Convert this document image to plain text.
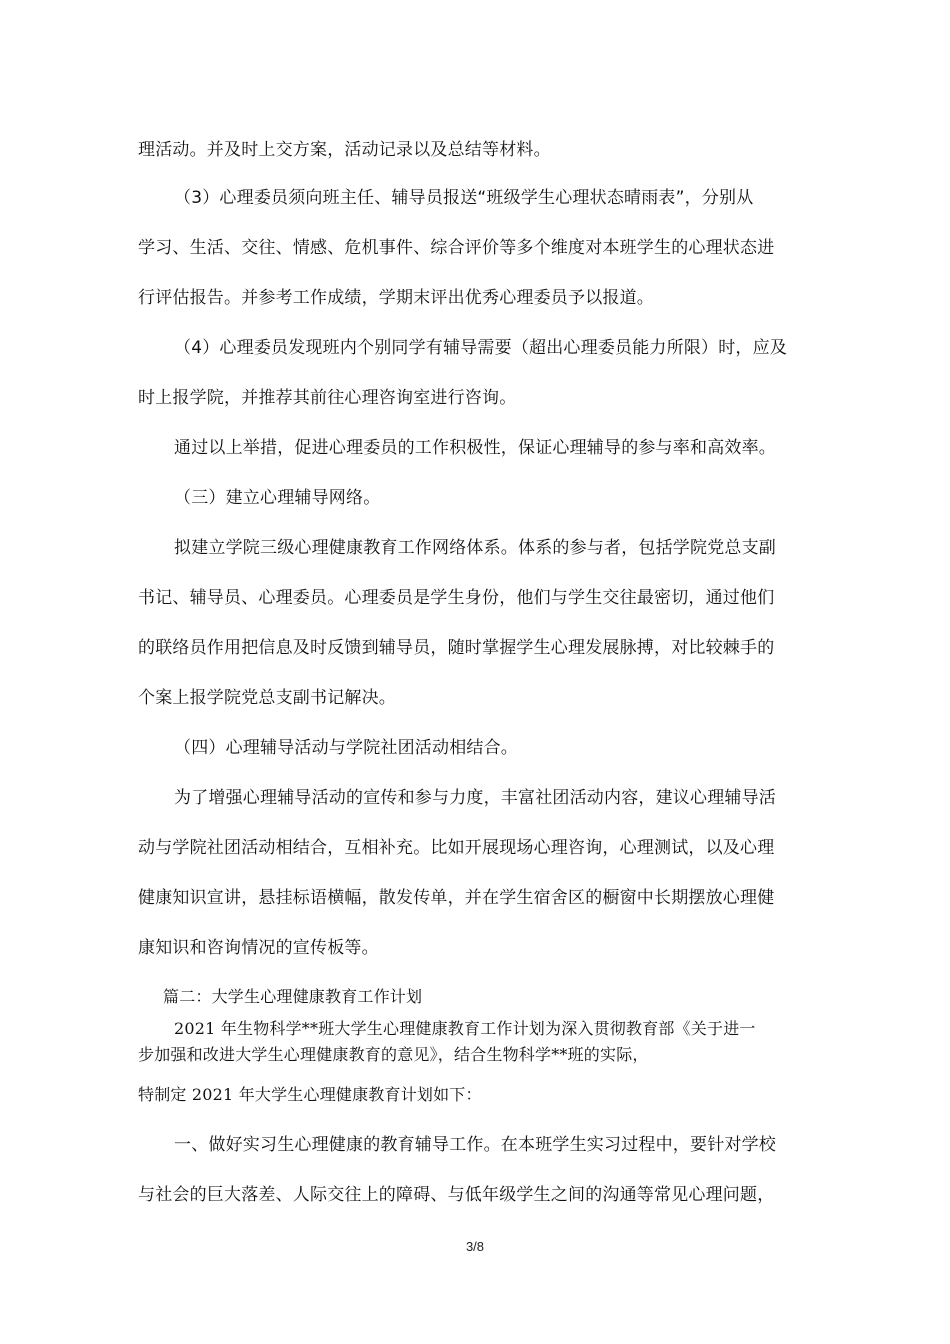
理活动。并及时上交方案，活动记录以及总结等材料。

（3）心理委员须向班主任、辅导员报送“班级学生心理状态晴雨表”，分别从

学习、生活、交往、情感、危机事件、综合评价等多个维度对本班学生的心理状态进

行评估报告。并参考工作成绩，学期末评出优秀心理委员予以报道。

（4）心理委员发现班内个别同学有辅导需要（超出心理委员能力所限）时，应及

时上报学院，并推荐其前往心理咨询室进行咨询。

通过以上举措，促进心理委员的工作积极性，保证心理辅导的参与率和高效率。

（三）建立心理辅导网络。

拟建立学院三级心理健康教育工作网络体系。体系的参与者，包括学院党总支副

书记、辅导员、心理委员。心理委员是学生身份，他们与学生交往最密切，通过他们

的联络员作用把信息及时反馈到辅导员，随时掌握学生心理发展脉搏，对比较棘手的

个案上报学院党总支副书记解决。

（四）心理辅导活动与学院社团活动相结合。

为了增强心理辅导活动的宣传和参与力度，丰富社团活动内容，建议心理辅导活

动与学院社团活动相结合，互相补充。比如开展现场心理咨询，心理测试，以及心理

健康知识宣讲，悬挂标语横幅，散发传单，并在学生宿舍区的橱窗中长期摆放心理健

康知识和咨询情况的宣传板等。

篇二：大学生心理健康教育工作计划

2021 年生物科学**班大学生心理健康教育工作计划为深入贯彻教育部《关于进一

步加强和改进大学生心理健康教育的意见》，结合生物科学**班的实际，

特制定 2021 年大学生心理健康教育计划如下：

一、做好实习生心理健康的教育辅导工作。在本班学生实习过程中，要针对学校

与社会的巨大落差、人际交往上的障碍、与低年级学生之间的沟通等常见心理问题，

3/8
